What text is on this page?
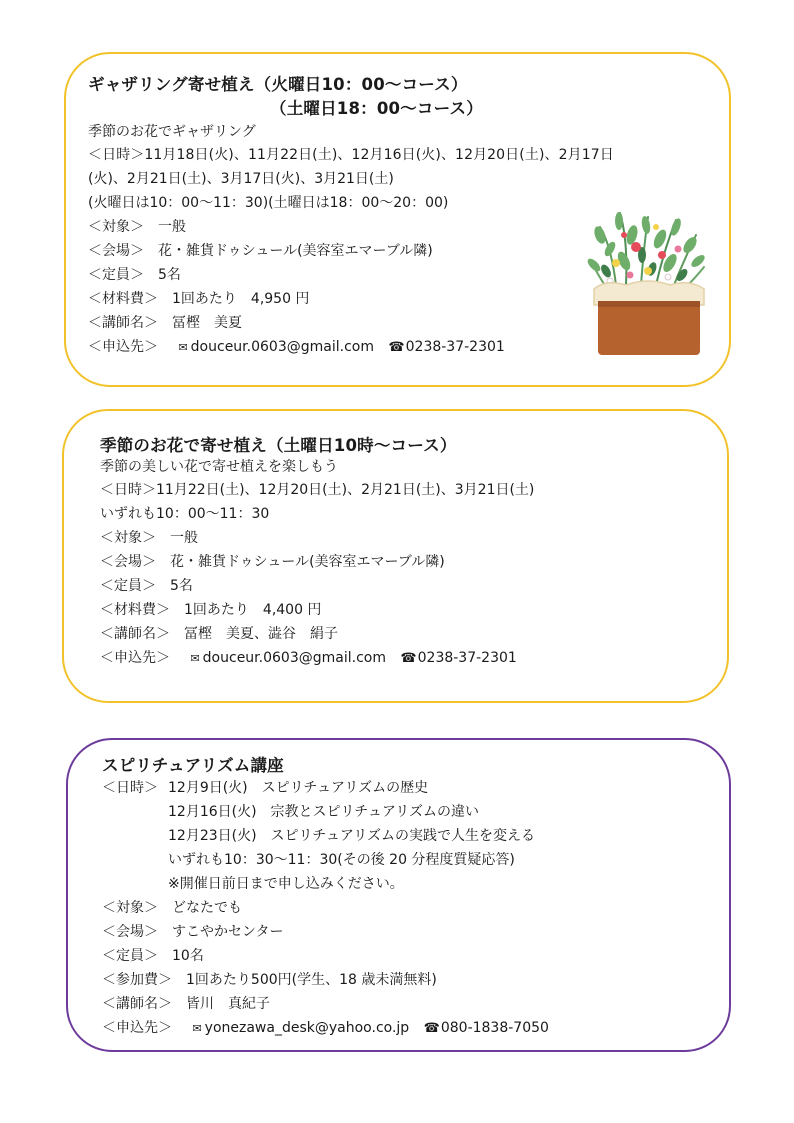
ギャザリング寄せ植え（火曜日10：00～コース）
（土曜日18：00～コース）
季節のお花でギャザリング
＜日時＞11月18日(火)、11月22日(土)、12月16日(火)、12月20日(土)、2月17日
(火)、2月21日(土)、3月17日(火)、3月21日(土)
(火曜日は10：00～11：30)(土曜日は18：00～20：00)
＜対象＞　一般
＜会場＞　花・雑貨ドゥシュール(美容室エマーブル隣)
＜定員＞　5名
＜材料費＞　1回あたり　4,950 円
＜講師名＞　冨樫　美夏
＜申込先＞ ✉ douceur.0603@gmail.com ☎0238-37-2301
季節のお花で寄せ植え（土曜日10時～コース）
季節の美しい花で寄せ植えを楽しもう
＜日時＞11月22日(土)、12月20日(土)、2月21日(土)、3月21日(土)
いずれも10：00～11：30
＜対象＞　一般
＜会場＞　花・雑貨ドゥシュール(美容室エマーブル隣)
＜定員＞　5名
＜材料費＞　1回あたり　4,400 円
＜講師名＞　冨樫　美夏、澁谷　絹子
＜申込先＞ ✉ douceur.0603@gmail.com ☎0238-37-2301
スピリチュアリズム講座
＜日時＞ 12月9日(火)　スピリチュアリズムの歴史
12月16日(火)　宗教とスピリチュアリズムの違い
12月23日(火)　スピリチュアリズムの実践で人生を変える
いずれも10：30～11：30(その後 20 分程度質疑応答)
※開催日前日まで申し込みください。
＜対象＞　どなたでも
＜会場＞　すこやかセンター
＜定員＞　10名
＜参加費＞　1回あたり500円(学生、18 歳未満無料)
＜講師名＞　皆川　真紀子
＜申込先＞ ✉ yonezawa_desk@yahoo.co.jp ☎080-1838-7050
